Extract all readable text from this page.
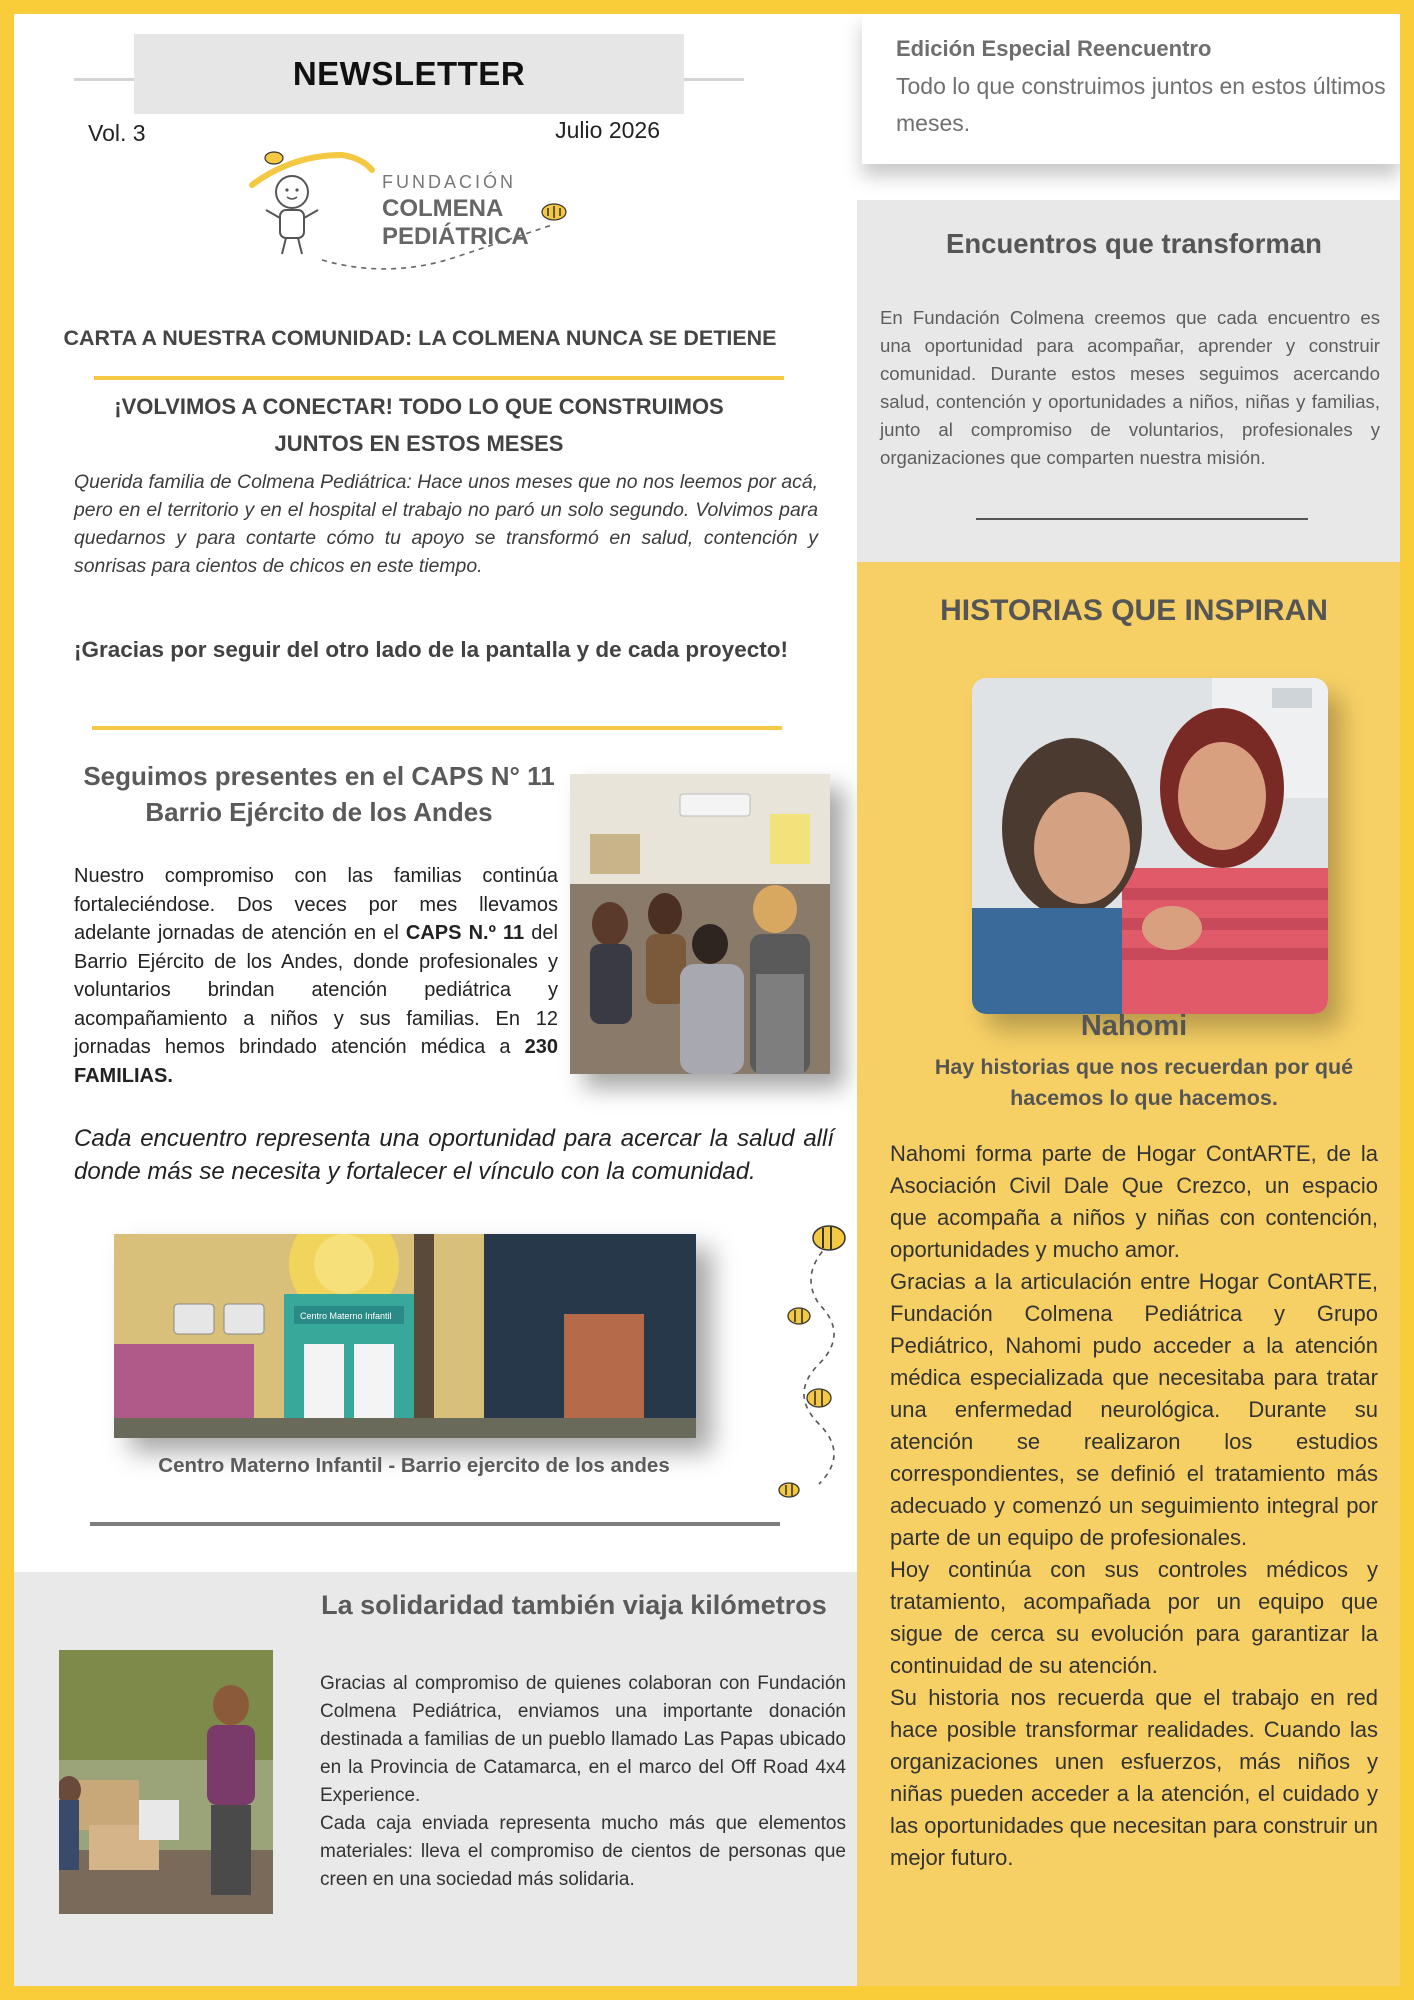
NEWSLETTER
Vol. 3	Julio 2026
FUNDACIÓN
COLMENA
PEDIÁTRICA
CARTA A NUESTRA COMUNIDAD: LA COLMENA NUNCA SE DETIENE
¡VOLVIMOS A CONECTAR! TODO LO QUE CONSTRUIMOS JUNTOS EN ESTOS MESES
Querida familia de Colmena Pediátrica: Hace unos meses que no nos leemos por acá, pero en el territorio y en el hospital el trabajo no paró un solo segundo. Volvimos para quedarnos y para contarte cómo tu apoyo se transformó en salud, contención y sonrisas para cientos de chicos en este tiempo.
¡Gracias por seguir del otro lado de la pantalla y de cada proyecto!
Seguimos presentes en el CAPS N° 11 Barrio Ejército de los Andes
Nuestro compromiso con las familias continúa fortaleciéndose. Dos veces por mes llevamos adelante jornadas de atención en el CAPS N.º 11 del Barrio Ejército de los Andes, donde profesionales y voluntarios brindan atención pediátrica y acompañamiento a niños y sus familias. En 12 jornadas hemos brindado atención médica a 230 FAMILIAS.
Cada encuentro representa una oportunidad para acercar la salud allí donde más se necesita y fortalecer el vínculo con la comunidad.
Centro Materno Infantil
Centro Materno Infantil - Barrio ejercito de los andes
La solidaridad también viaja kilómetros
Gracias al compromiso de quienes colaboran con Fundación Colmena Pediátrica, enviamos una importante donación destinada a familias de un pueblo llamado Las Papas ubicado en la Provincia de Catamarca, en el marco del Off Road 4x4 Experience.
Cada caja enviada representa mucho más que elementos materiales: lleva el compromiso de cientos de personas que creen en una sociedad más solidaria.
Edición Especial Reencuentro
Todo lo que construimos juntos en estos últimos meses.
Encuentros que transforman
En Fundación Colmena creemos que cada encuentro es una oportunidad para acompañar, aprender y construir comunidad. Durante estos meses seguimos acercando salud, contención y oportunidades a niños, niñas y familias, junto al compromiso de voluntarios, profesionales y organizaciones que comparten nuestra misión.
HISTORIAS QUE INSPIRAN
Nahomi
Hay historias que nos recuerdan por qué hacemos lo que hacemos.

Nahomi forma parte de Hogar ContARTE, de la Asociación Civil Dale Que Crezco, un espacio que acompaña a niños y niñas con contención, oportunidades y mucho amor.

Gracias a la articulación entre Hogar ContARTE, Fundación Colmena Pediátrica y Grupo Pediátrico, Nahomi pudo acceder a la atención médica especializada que necesitaba para tratar una enfermedad neurológica. Durante su atención se realizaron los estudios correspondientes, se definió el tratamiento más adecuado y comenzó un seguimiento integral por parte de un equipo de profesionales.

Hoy continúa con sus controles médicos y tratamiento, acompañada por un equipo que sigue de cerca su evolución para garantizar la continuidad de su atención.

Su historia nos recuerda que el trabajo en red hace posible transformar realidades. Cuando las organizaciones unen esfuerzos, más niños y niñas pueden acceder a la atención, el cuidado y las oportunidades que necesitan para construir un mejor futuro.
